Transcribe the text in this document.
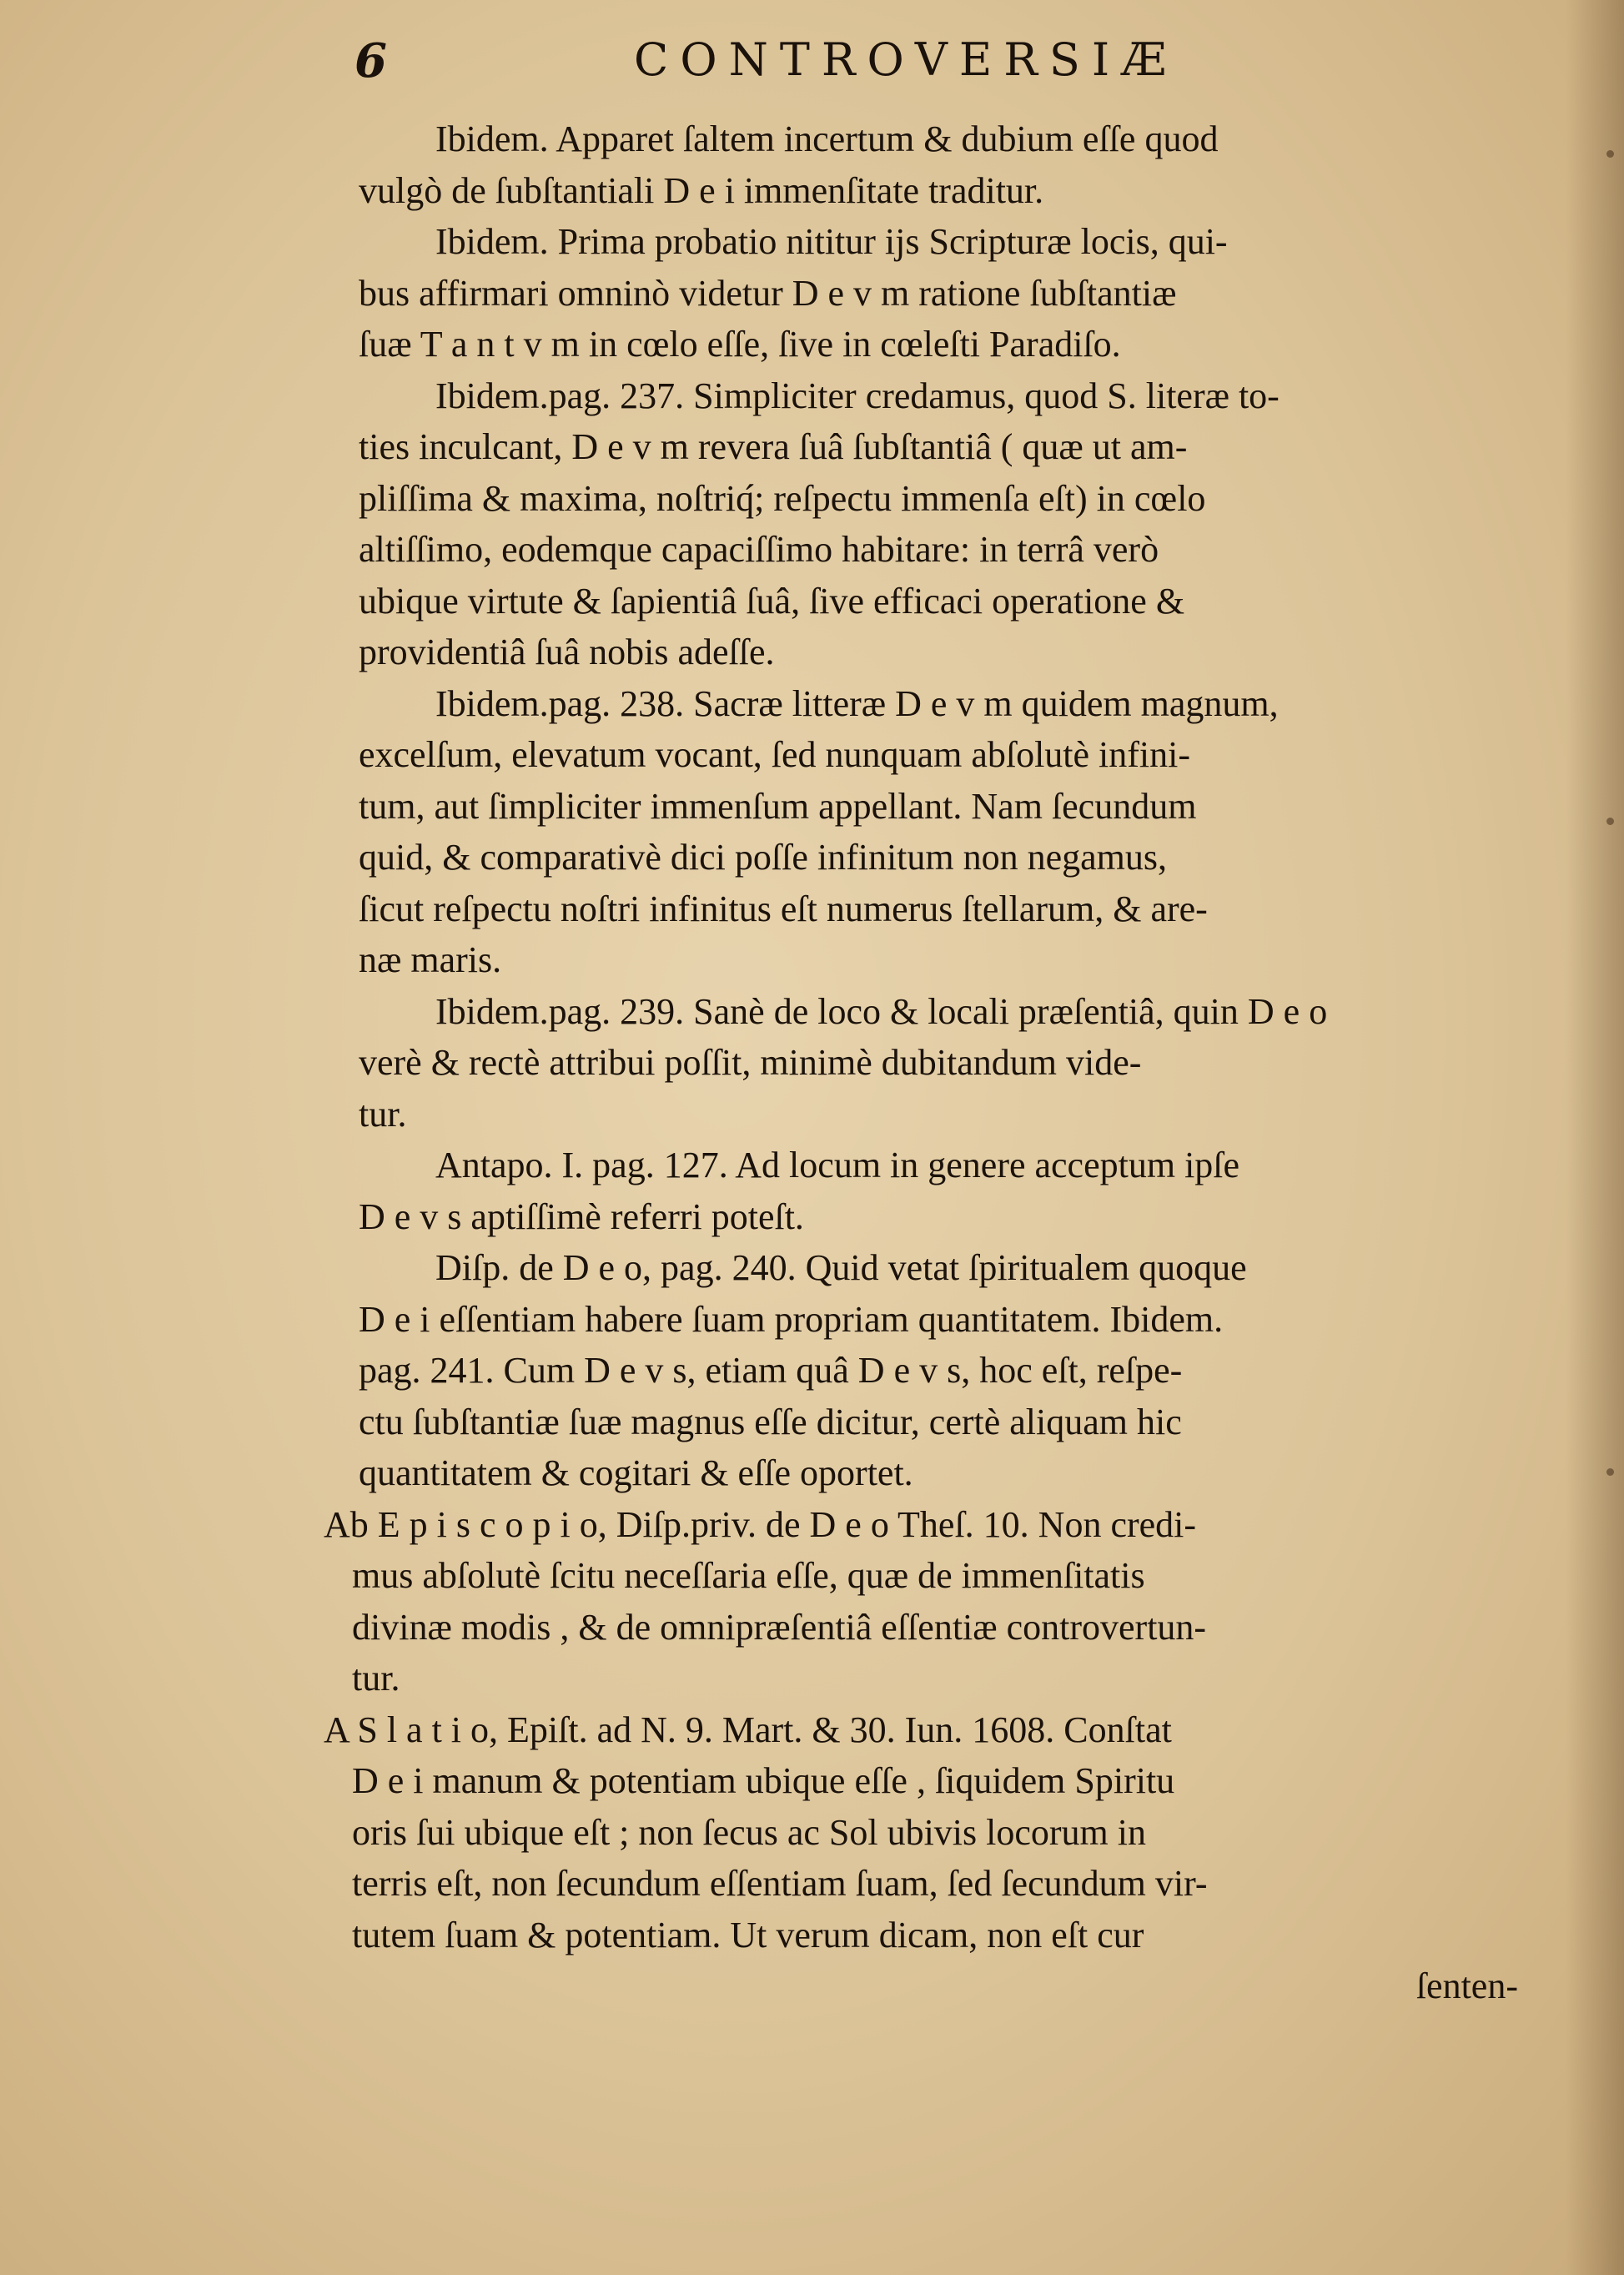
6	CONTROVERSIÆ
Ibidem. Apparet ſaltem incertum & dubium eſſe quod
vulgò de ſubſtantiali D e i immenſitate traditur.
Ibidem. Prima probatio nititur ijs Scripturæ locis, qui-
bus affirmari omninò videtur D e v m ratione ſubſtantiæ
ſuæ T a n t v m in cœlo eſſe, ſive in cœleſti Paradiſo.
Ibidem.pag. 237. Simpliciter credamus, quod S. literæ to-
ties inculcant, D e v m revera ſuâ ſubſtantiâ ( quæ ut am-
pliſſima & maxima, noſtriq́; reſpectu immenſa eſt) in cœlo
altiſſimo, eodemque capaciſſimo habitare: in terrâ verò
ubique virtute & ſapientiâ ſuâ, ſive efficaci operatione &
providentiâ ſuâ nobis adeſſe.
Ibidem.pag. 238. Sacræ litteræ D e v m quidem magnum,
excelſum, elevatum vocant, ſed nunquam abſolutè infini-
tum, aut ſimpliciter immenſum appellant. Nam ſecundum
quid, & comparativè dici poſſe infinitum non negamus,
ſicut reſpectu noſtri infinitus eſt numerus ſtellarum, & are-
næ maris.
Ibidem.pag. 239. Sanè de loco & locali præſentiâ, quin D e o
verè & rectè attribui poſſit, minimè dubitandum vide-
tur.
Antapo. I. pag. 127. Ad locum in genere acceptum ipſe
D e v s aptiſſimè referri poteſt.
Diſp. de D e o, pag. 240. Quid vetat ſpiritualem quoque
D e i eſſentiam habere ſuam propriam quantitatem. Ibidem.
pag. 241. Cum D e v s, etiam quâ D e v s, hoc eſt, reſpe-
ctu ſubſtantiæ ſuæ magnus eſſe dicitur, certè aliquam hic
quantitatem & cogitari & eſſe oportet.
Ab E p i s c o p i o, Diſp.priv. de D e o Theſ. 10. Non credi-
mus abſolutè ſcitu neceſſaria eſſe, quæ de immenſitatis
divinæ modis , & de omnipræſentiâ eſſentiæ controvertun-
tur.
A S l a t i o, Epiſt. ad N. 9. Mart. & 30. Iun. 1608. Conſtat
D e i manum & potentiam ubique eſſe , ſiquidem Spiritu
oris ſui ubique eſt ; non ſecus ac Sol ubivis locorum in
terris eſt, non ſecundum eſſentiam ſuam, ſed ſecundum vir-
tutem ſuam & potentiam. Ut verum dicam, non eſt cur
ſenten-
